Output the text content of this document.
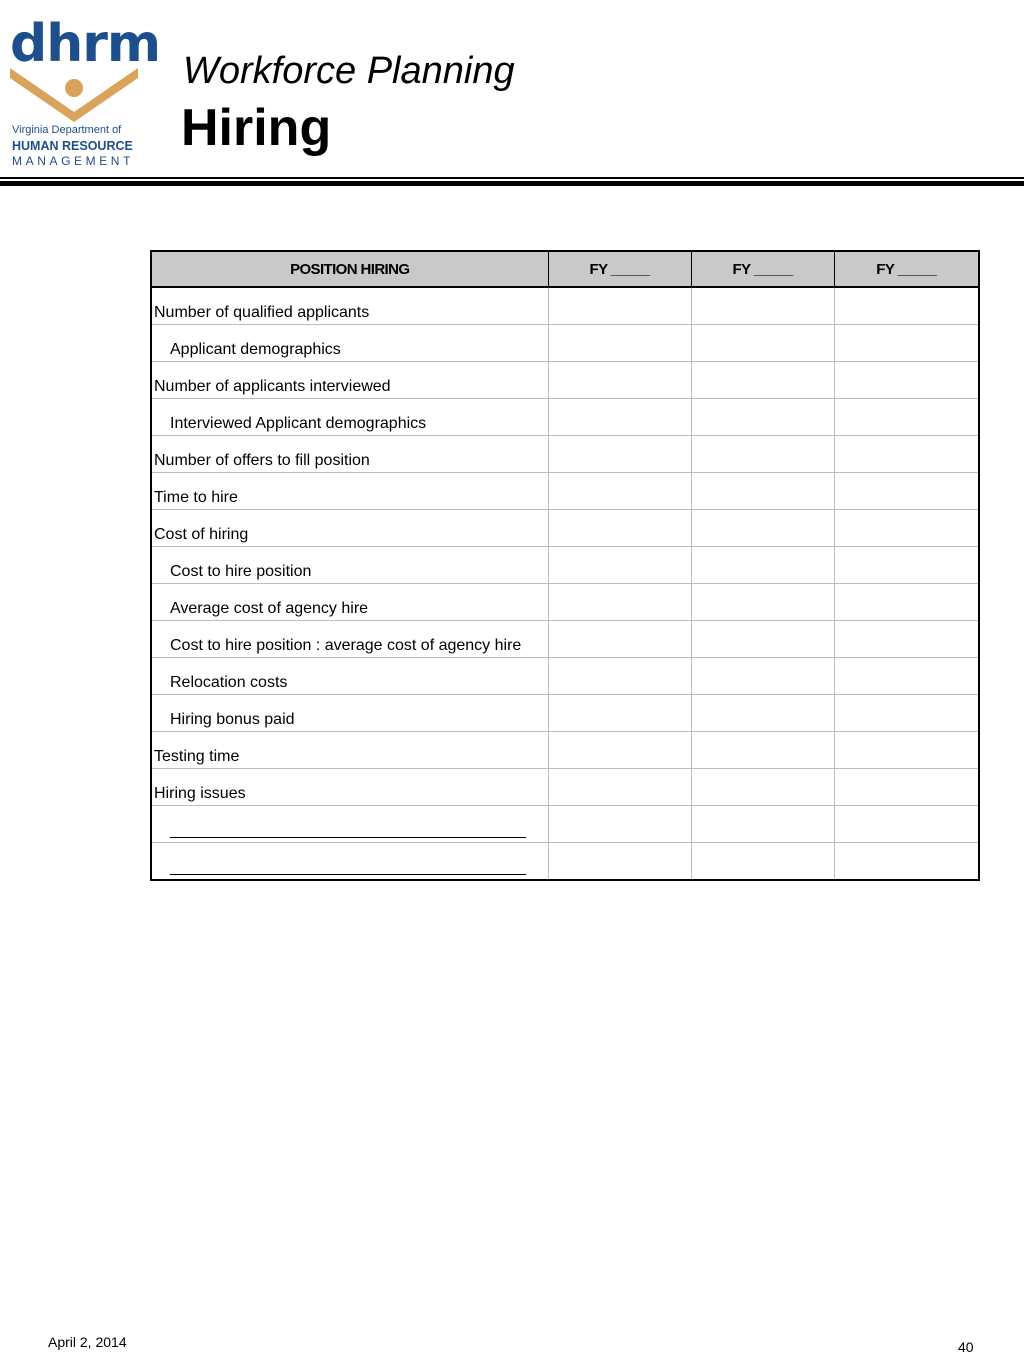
dhrm
Virginia Department of
HUMAN RESOURCE
MANAGEMENT
Workforce Planning
Hiring
POSITION HIRING	FY _____	FY _____	FY _____
Number of qualified applicants			
Applicant demographics			
Number of applicants interviewed			
Interviewed Applicant demographics			
Number of offers to fill position			
Time to hire			
Cost of hiring			
Cost to hire position			
Average cost of agency hire			
Cost to hire position : average cost of agency hire			
Relocation costs			
Hiring bonus paid			
Testing time			
Hiring issues			
________________________________________			
________________________________________			
April 2, 2014	40
